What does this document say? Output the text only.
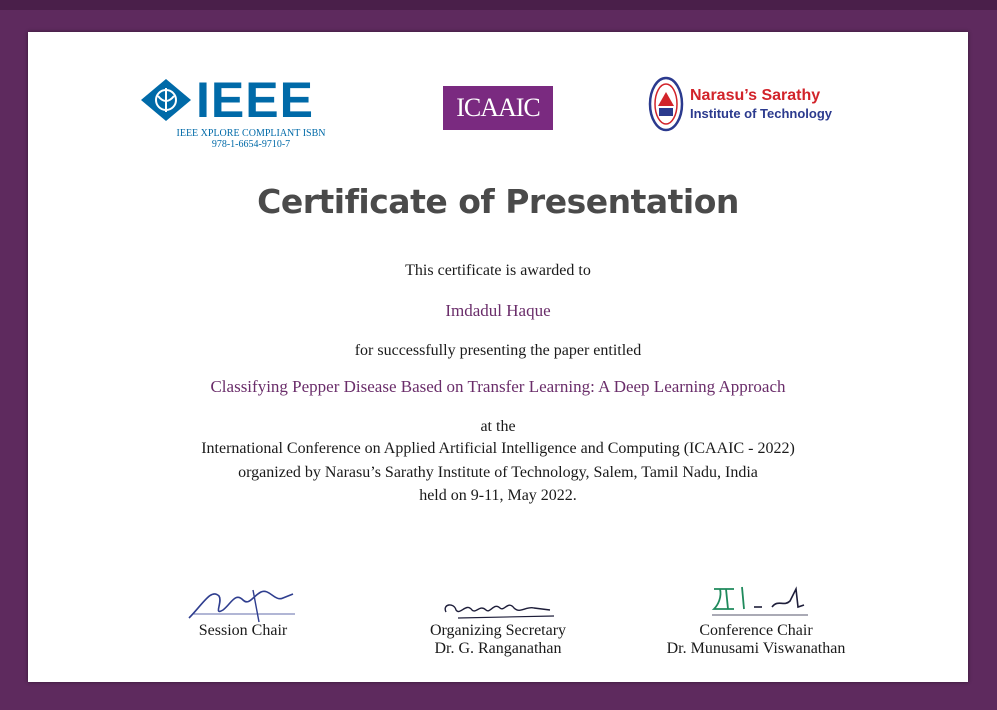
IEEE
IEEE XPLORE COMPLIANT ISBN
978-1-6654-9710-7
ICAAIC	Narasu’s Sarathy
Institute of Technology
Certificate of Presentation
This certificate is awarded to
Imdadul Haque
for successfully presenting the paper entitled
Classifying Pepper Disease Based on Transfer Learning: A Deep Learning Approach
at the
International Conference on Applied Artificial Intelligence and Computing (ICAAIC - 2022)
organized by Narasu’s Sarathy Institute of Technology, Salem, Tamil Nadu, India
held on 9-11, May 2022.
Session Chair	Organizing Secretary
Dr. G. Ranganathan
Conference Chair
Dr. Munusami Viswanathan
